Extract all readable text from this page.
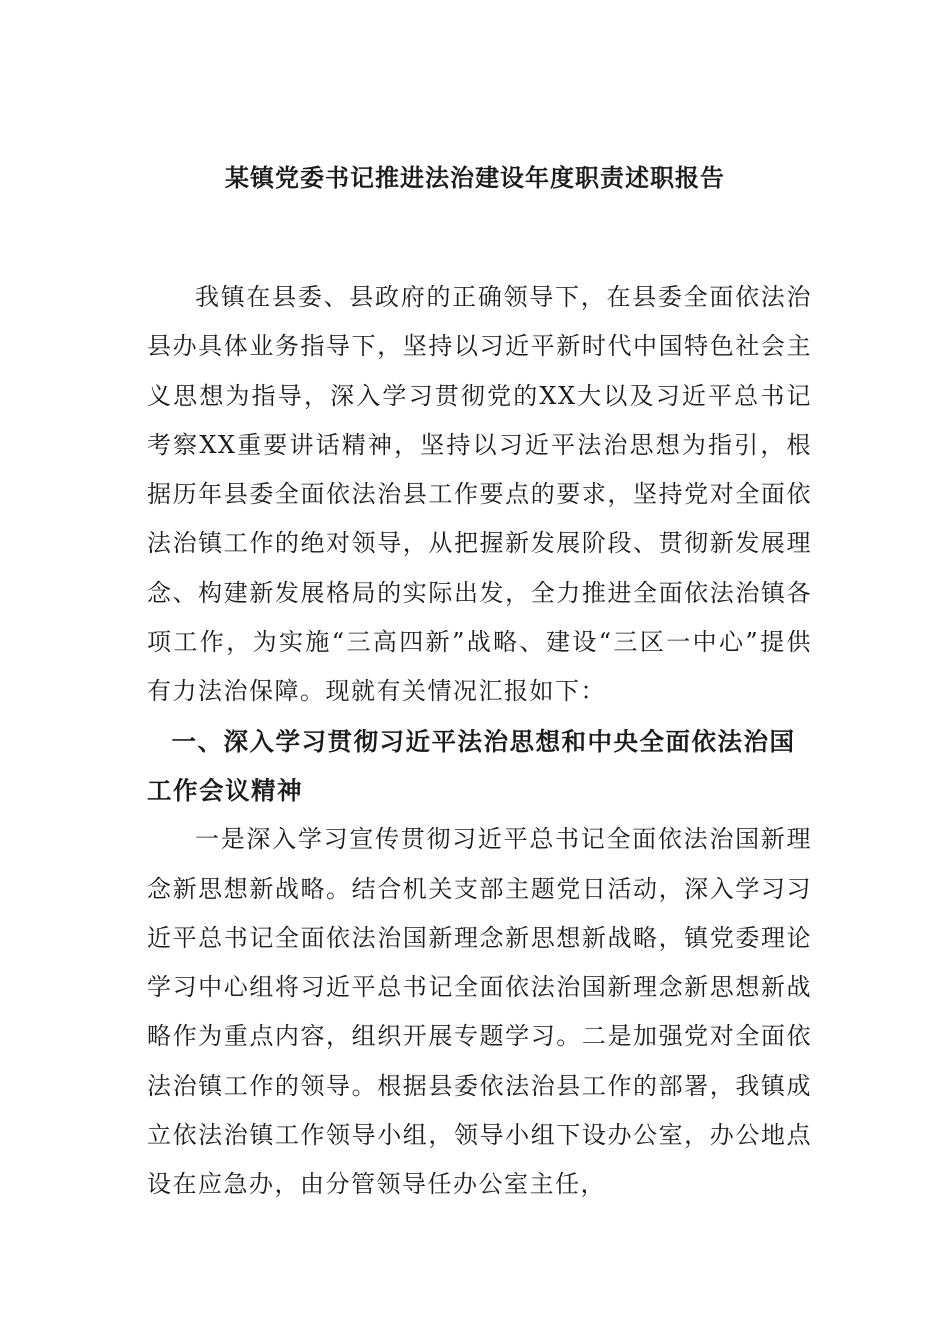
某镇党委书记推进法治建设年度职责述职报告

我镇在县委、县政府的正确领导下，在县委全面依法治县办具体业务指导下，坚持以习近平新时代中国特色社会主义思想为指导，深入学习贯彻党的XX大以及习近平总书记考察XX重要讲话精神，坚持以习近平法治思想为指引，根据历年县委全面依法治县工作要点的要求，坚持党对全面依法治镇工作的绝对领导，从把握新发展阶段、贯彻新发展理念、构建新发展格局的实际出发，全力推进全面依法治镇各项工作，为实施“三高四新”战略、建设“三区一中心”提供有力法治保障。现就有关情况汇报如下：

一、深入学习贯彻习近平法治思想和中央全面依法治国工作会议精神

一是深入学习宣传贯彻习近平总书记全面依法治国新理念新思想新战略。结合机关支部主题党日活动，深入学习习近平总书记全面依法治国新理念新思想新战略，镇党委理论学习中心组将习近平总书记全面依法治国新理念新思想新战略作为重点内容，组织开展专题学习。二是加强党对全面依法治镇工作的领导。根据县委依法治县工作的部署，我镇成立依法治镇工作领导小组，领导小组下设办公室，办公地点设在应急办，由分管领导任办公室主任，
